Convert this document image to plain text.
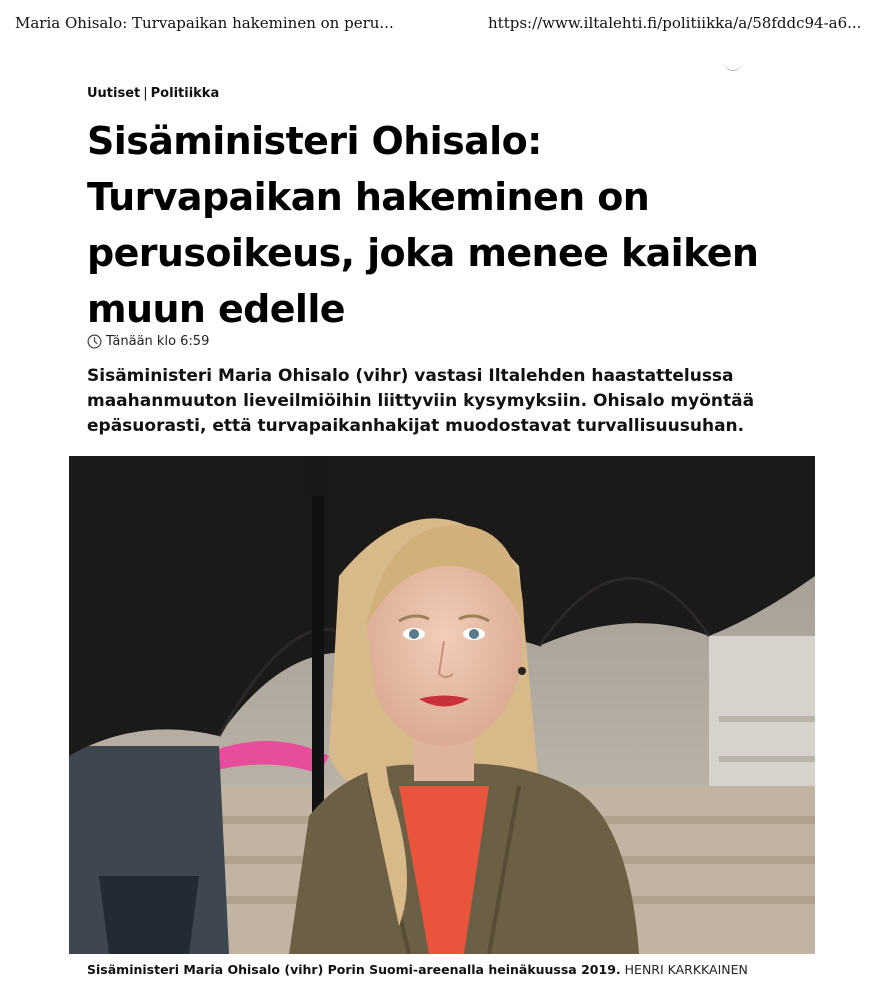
Maria Ohisalo: Turvapaikan hakeminen on peru...	https://www.iltalehti.fi/politiikka/a/58fddc94-a6...
Uutiset | Politiikka
Sisäministeri Ohisalo: Turvapaikan hakeminen on perusoikeus, joka menee kaiken muun edelle
Tänään klo 6:59

Sisäministeri Maria Ohisalo (vihr) vastasi Iltalehden haastattelussa maahanmuuton lieveilmiöihin liittyviin kysymyksiin. Ohisalo myöntää epäsuorasti, että turvapaikanhakijat muodostavat turvallisuusuhan.

Sisäministeri Maria Ohisalo (vihr) Porin Suomi-areenalla heinäkuussa 2019. HENRI KARKKAINEN
